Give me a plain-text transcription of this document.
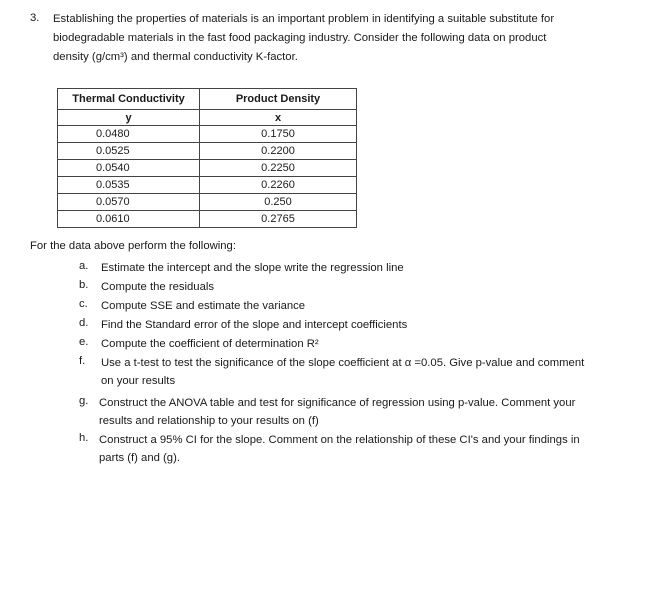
3. Establishing the properties of materials is an important problem in identifying a suitable substitute for
biodegradable materials in the fast food packaging industry. Consider the following data on product
density (g/cm³) and thermal conductivity K-factor.
Thermal Conductivity	Product Density
y	x
0.0480	0.1750
0.0525	0.2200
0.0540	0.2250
0.0535	0.2260
0.0570	0.250
0.0610	0.2765
For the data above perform the following:
a.	Estimate the intercept and the slope write the regression line
b.	Compute the residuals
c.	Compute SSE and estimate the variance
d.	Find the Standard error of the slope and intercept coefficients
e.	Compute the coefficient of determination R²
f.	Use a t-test to test the significance of the slope coefficient at α =0.05. Give p-value and comment
on your results
g. Construct the ANOVA table and test for significance of regression using p-value. Comment your
results and relationship to your results on (f)
h. Construct a 95% CI for the slope. Comment on the relationship of these CI's and your findings in
parts (f) and (g).
